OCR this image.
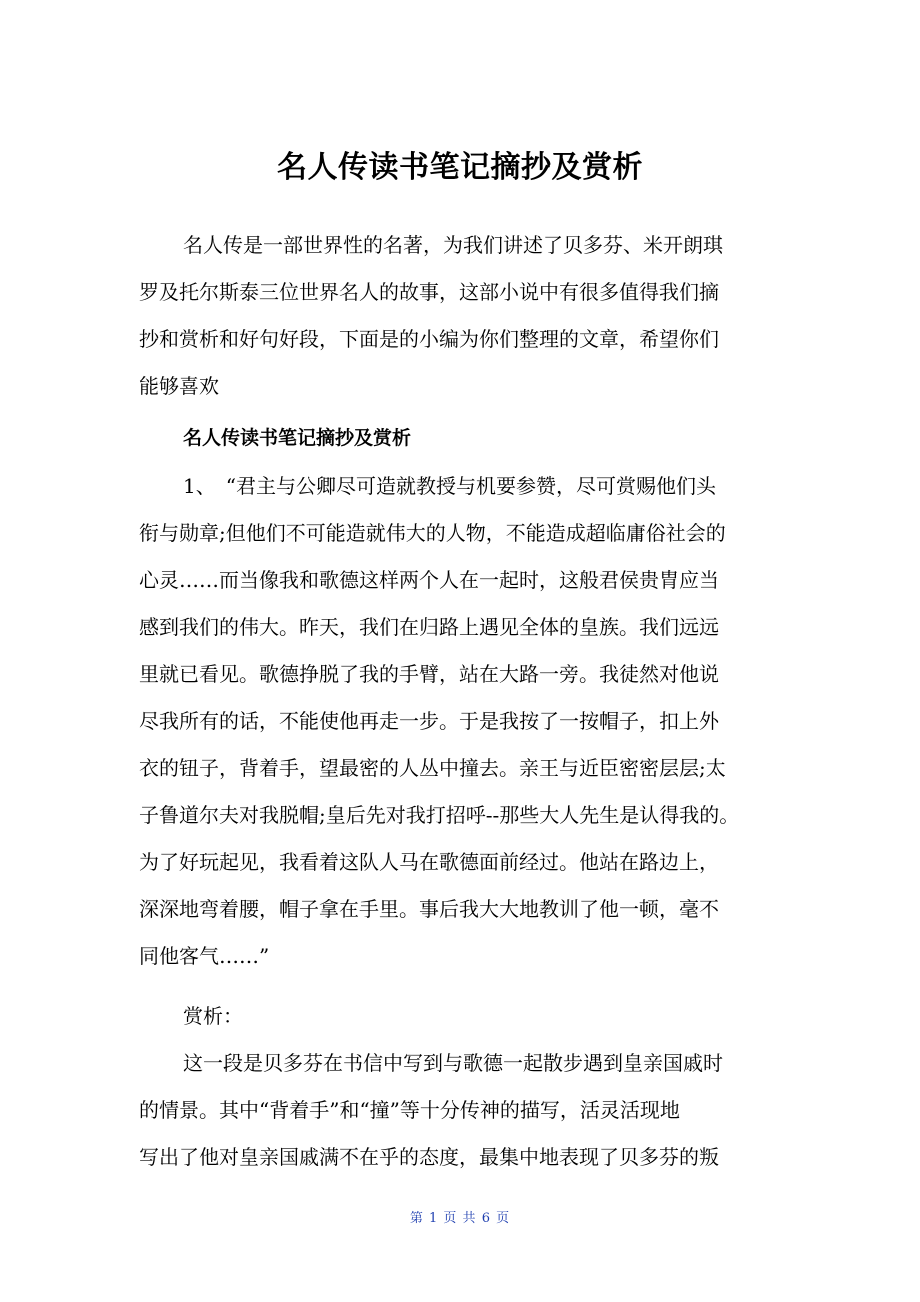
名人传读书笔记摘抄及赏析
名人传是一部世界性的名著，为我们讲述了贝多芬、米开朗琪
罗及托尔斯泰三位世界名人的故事，这部小说中有很多值得我们摘
抄和赏析和好句好段，下面是的小编为你们整理的文章，希望你们
能够喜欢
名人传读书笔记摘抄及赏析
1、　“君主与公卿尽可造就教授与机要参赞，尽可赏赐他们头
衔与勋章;但他们不可能造就伟大的人物，不能造成超临庸俗社会的
心灵……而当像我和歌德这样两个人在一起时，这般君侯贵胄应当
感到我们的伟大。昨天，我们在归路上遇见全体的皇族。我们远远
里就已看见。歌德挣脱了我的手臂，站在大路一旁。我徒然对他说
尽我所有的话，不能使他再走一步。于是我按了一按帽子，扣上外
衣的钮子，背着手，望最密的人丛中撞去。亲王与近臣密密层层;太
子鲁道尔夫对我脱帽;皇后先对我打招呼--那些大人先生是认得我的。
为了好玩起见，我看着这队人马在歌德面前经过。他站在路边上，
深深地弯着腰，帽子拿在手里。事后我大大地教训了他一顿，毫不
同他客气……”
赏析：
这一段是贝多芬在书信中写到与歌德一起散步遇到皇亲国戚时
的情景。其中“背着手”和“撞”等十分传神的描写，活灵活现地
写出了他对皇亲国戚满不在乎的态度，最集中地表现了贝多芬的叛
第 1 页 共 6 页
